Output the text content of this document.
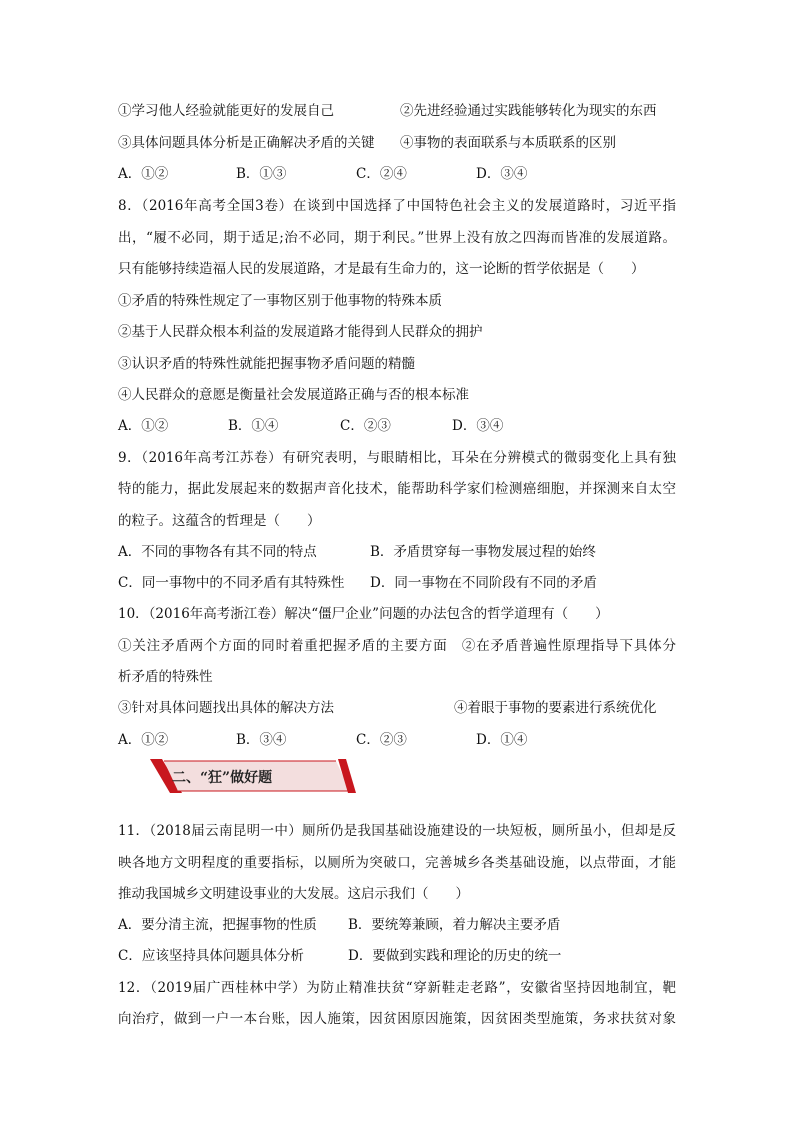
①学习他人经验就能更好的发展自己	②先进经验通过实践能够转化为现实的东西
③具体问题具体分析是正确解决矛盾的关键 ④事物的表面联系与本质联系的区别
A．①②	B．①③	C．②④	D．③④
8．（2016年高考全国3卷）在谈到中国选择了中国特色社会主义的发展道路时，习近平指
出，“履不必同，期于适足;治不必同，期于利民。”世界上没有放之四海而皆准的发展道路。
只有能够持续造福人民的发展道路，才是最有生命力的，这一论断的哲学依据是（　　）
①矛盾的特殊性规定了一事物区别于他事物的特殊本质
②基于人民群众根本利益的发展道路才能得到人民群众的拥护
③认识矛盾的特殊性就能把握事物矛盾问题的精髓
④人民群众的意愿是衡量社会发展道路正确与否的根本标准
A．①②	B．①④	C．②③	D．③④
9．（2016年高考江苏卷）有研究表明，与眼睛相比，耳朵在分辨模式的微弱变化上具有独
特的能力，据此发展起来的数据声音化技术，能帮助科学家们检测癌细胞，并探测来自太空
的粒子。这蕴含的哲理是（　　）
A．不同的事物各有其不同的特点	B．矛盾贯穿每一事物发展过程的始终
C．同一事物中的不同矛盾有其特殊性 D．同一事物在不同阶段有不同的矛盾
10．（2016年高考浙江卷）解决“僵尸企业”问题的办法包含的哲学道理有（　　）
①关注矛盾两个方面的同时着重把握矛盾的主要方面　②在矛盾普遍性原理指导下具体分
析矛盾的特殊性
③针对具体问题找出具体的解决方法	④着眼于事物的要素进行系统优化
A．①②	B．③④	C．②③	D．①④
二、“狂”做好题
11．（2018届云南昆明一中）厕所仍是我国基础设施建设的一块短板，厕所虽小，但却是反
映各地方文明程度的重要指标，以厕所为突破口，完善城乡各类基础设施，以点带面，才能
推动我国城乡文明建设事业的大发展。这启示我们（　　）
A．要分清主流，把握事物的性质 B．要统筹兼顾，着力解决主要矛盾
C．应该坚持具体问题具体分析	D．要做到实践和理论的历史的统一
12．（2019届广西桂林中学）为防止精准扶贫“穿新鞋走老路”，安徽省坚持因地制宜，靶
向治疗，做到一户一本台账，因人施策，因贫困原因施策，因贫困类型施策，务求扶贫对象
